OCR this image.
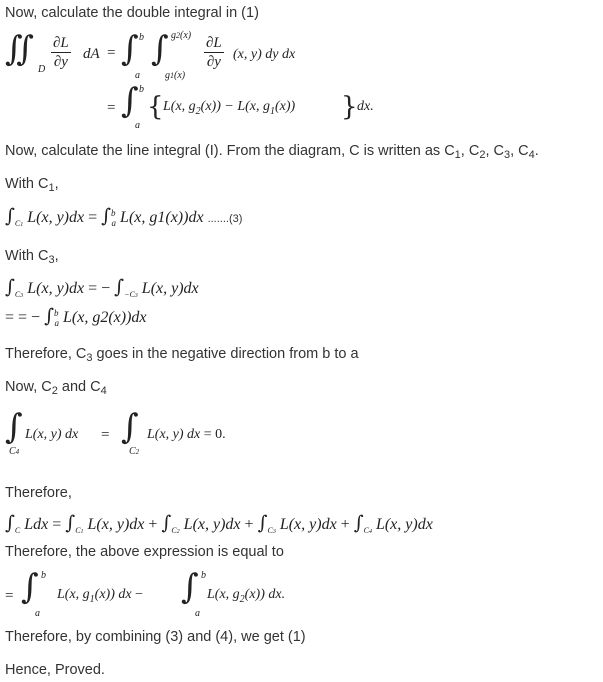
Now, calculate the double integral in (1)
∬
D $\frac{\partial L}{\partial y}$ dA = ∫ b
a
∫ g2(x)
g1(x)
$\frac{\partial L}{\partial y} (x$, y) dy dx
= ∫ b
a
{ L(x, $g_2(x)) - L(x$, $g_1(x)$) } dx.
Now, calculate the line integral (I). From the diagram, C is written as $C_1$, $C_2$, $C_3$, $C_4$.
With $C_1$,
$\int_{C1}$ L(x, y)dx = ∫$^b_a$ L(x, g1(x))dx .......(3)
With $C_3$,
$\int_{C3}$ L(x, y)dx = − $\int_{-C3}$ L(x, y)dx
= = − ∫$^b_a$ L(x, g2(x))dx
Therefore, $C_3$ goes in the negative direction from b to a
Now, $C_2$ and $C_4$
∫
C4
L(x, y) dx = ∫
C2
L(x, y) dx = 0.
Therefore,
$\int_C$ Ldx = $\int_{C1}$ L(x, $y)dx + \int_{C2}$ L(x, $y)dx + \int_{C3}$ L(x, $y)dx + \int_{C4}$ L(x, y)dx
Therefore, the above expression is equal to
= ∫ b
a
L(x, $g_1(x)$) dx − ∫ b
a
L(x, $g_2(x)$) dx.
Therefore, by combining (3) and (4), we get (1)
Hence, Proved.
